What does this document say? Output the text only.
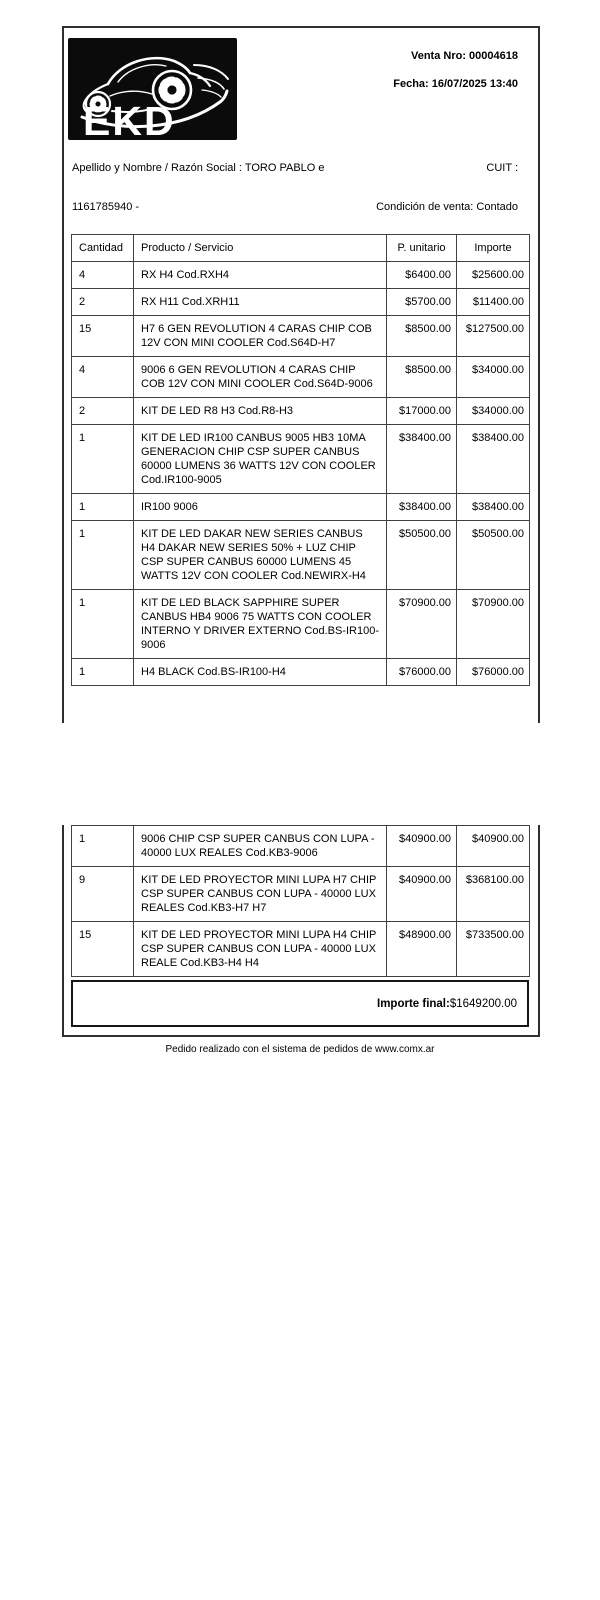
EKD
Venta Nro: 00004618
Fecha: 16/07/2025 13:40
Apellido y Nombre / Razón Social : TORO PABLO e	CUIT :
1161785940 -	Condición de venta: Contado
Cantidad	Producto / Servicio	P. unitario	Importe
4	RX H4 Cod.RXH4	$6400.00	$25600.00
2	RX H11 Cod.XRH11	$5700.00	$11400.00
15	H7 6 GEN REVOLUTION 4 CARAS CHIP COB 12V CON MINI COOLER Cod.S64D-H7	$8500.00	$127500.00
4	9006 6 GEN REVOLUTION 4 CARAS CHIP COB 12V CON MINI COOLER Cod.S64D-9006	$8500.00	$34000.00
2	KIT DE LED R8 H3 Cod.R8-H3	$17000.00	$34000.00
1	KIT DE LED IR100 CANBUS 9005 HB3 10MA GENERACION CHIP CSP SUPER CANBUS 60000 LUMENS 36 WATTS 12V CON COOLER Cod.IR100-9005	$38400.00	$38400.00
1	IR100 9006	$38400.00	$38400.00
1	KIT DE LED DAKAR NEW SERIES CANBUS H4 DAKAR NEW SERIES 50% + LUZ CHIP CSP SUPER CANBUS 60000 LUMENS 45 WATTS 12V CON COOLER Cod.NEWIRX-H4	$50500.00	$50500.00
1	KIT DE LED BLACK SAPPHIRE SUPER CANBUS HB4 9006 75 WATTS CON COOLER INTERNO Y DRIVER EXTERNO Cod.BS-IR100-9006	$70900.00	$70900.00
1	H4 BLACK Cod.BS-IR100-H4	$76000.00	$76000.00
1	9006 CHIP CSP SUPER CANBUS CON LUPA - 40000 LUX REALES Cod.KB3-9006	$40900.00	$40900.00
9	KIT DE LED PROYECTOR MINI LUPA H7 CHIP CSP SUPER CANBUS CON LUPA - 40000 LUX REALES Cod.KB3-H7 H7	$40900.00	$368100.00
15	KIT DE LED PROYECTOR MINI LUPA H4 CHIP CSP SUPER CANBUS CON LUPA - 40000 LUX REALE Cod.KB3-H4 H4	$48900.00	$733500.00
Importe final: $1649200.00
Pedido realizado con el sistema de pedidos de www.comx.ar
